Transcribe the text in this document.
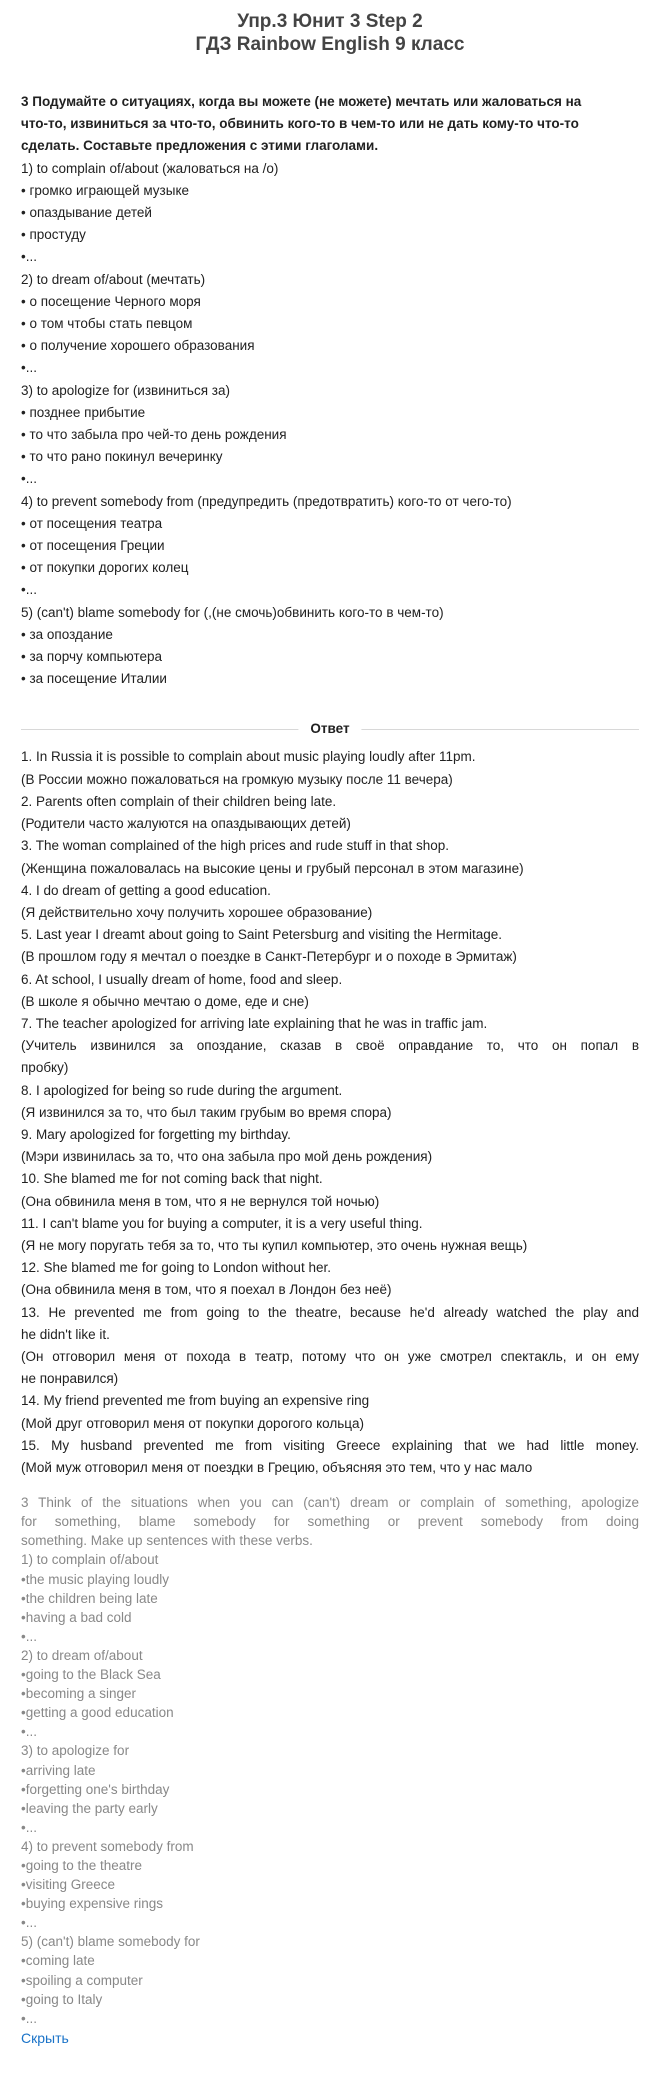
Упр.3 Юнит 3 Step 2
ГДЗ Rainbow English 9 класс
3 Подумайте о ситуациях, когда вы можете (не можете) мечтать или жаловаться на
что-то, извиниться за что-то, обвинить кого-то в чем-то или не дать кому-то что-то
сделать. Составьте предложения с этими глаголами.
1) to complain of/about (жаловаться на /о)
• громко играющей музыке
• опаздывание детей
• простуду
•...
2) to dream of/about (мечтать)
• о посещение Черного моря
• о том чтобы стать певцом
• о получение хорошего образования
•...
3) to apologize for (извиниться за)
• позднее прибытие
• то что забыла про чей-то день рождения
• то что рано покинул вечеринку
•...
4) to prevent somebody from (предупредить (предотвратить) кого-то от чего-то)
• от посещения театра
• от посещения Греции
• от покупки дорогих колец
•...
5) (can't) blame somebody for (,(не смочь)обвинить кого-то в чем-то)
• за опоздание
• за порчу компьютера
• за посещение Италии
Ответ
1. In Russia it is possible to complain about music playing loudly after 11pm.
(В России можно пожаловаться на громкую музыку после 11 вечера)
2. Parents often complain of their children being late.
(Родители часто жалуются на опаздывающих детей)
3. The woman complained of the high prices and rude stuff in that shop.
(Женщина пожаловалась на высокие цены и грубый персонал в этом магазине)
4. I do dream of getting a good education.
(Я действительно хочу получить хорошее образование)
5. Last year I dreamt about going to Saint Petersburg and visiting the Hermitage.
(В прошлом году я мечтал о поездке в Санкт-Петербург и о походе в Эрмитаж)
6. At school, I usually dream of home, food and sleep.
(В школе я обычно мечтаю о доме, еде и сне)
7. The teacher apologized for arriving late explaining that he was in traffic jam.
(Учитель извинился за опоздание, сказав в своё оправдание то, что он попал в
пробку)
8. I apologized for being so rude during the argument.
(Я извинился за то, что был таким грубым во время спора)
9. Mary apologized for forgetting my birthday.
(Мэри извинилась за то, что она забыла про мой день рождения)
10. She blamed me for not coming back that night.
(Она обвинила меня в том, что я не вернулся той ночью)
11. I can't blame you for buying a computer, it is a very useful thing.
(Я не могу поругать тебя за то, что ты купил компьютер, это очень нужная вещь)
12. She blamed me for going to London without her.
(Она обвинила меня в том, что я поехал в Лондон без неё)
13. He prevented me from going to the theatre, because he'd already watched the play and
he didn't like it.
(Он отговорил меня от похода в театр, потому что он уже смотрел спектакль, и он ему
не понравился)
14. My friend prevented me from buying an expensive ring
(Мой друг отговорил меня от покупки дорогого кольца)
15. My husband prevented me from visiting Greece explaining that we had little money.
(Мой муж отговорил меня от поездки в Грецию, объясняя это тем, что у нас мало
3 Think of the situations when you can (can't) dream or complain of something, apologize
for something, blame somebody for something or prevent somebody from doing
something. Make up sentences with these verbs.
1) to complain of/about
•the music playing loudly
•the children being late
•having a bad cold
•...
2) to dream of/about
•going to the Black Sea
•becoming a singer
•getting a good education
•...
3) to apologize for
•arriving late
•forgetting one's birthday
•leaving the party early
•...
4) to prevent somebody from
•going to the theatre
•visiting Greece
•buying expensive rings
•...
5) (can't) blame somebody for
•coming late
•spoiling a computer
•going to Italy
•...
Скрыть
